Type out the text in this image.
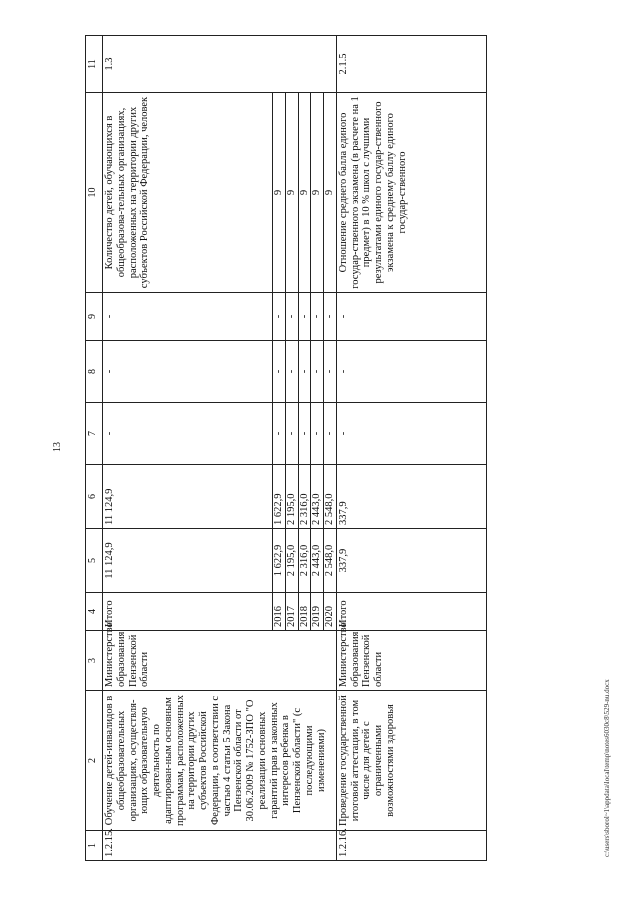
13
1	2	3	4	5	6	7	8	9	10	11
1.2.15.	Обучение детей-инвалидов в общеобразовательных организациях, осуществля-ющих образовательную деятельность по адаптирован-ным основным программам, расположенных на территории других субъектов Российской Федерации, в соответствии с частью 4 статьи 5 Закона Пензенской области от 30.06.2009 № 1752-ЗПО "О реализации основных гарантий прав и законных интересов ребенка в Пензенской области" (с последующими изменениями)	Министерство образования Пензенской области	Итого	11 124,9	11 124,9	-	-	-	Количество детей, обучающихся в общеобразова-тельных организациях, расположенных на территории других субъектов Российской Федерации, человек	1.3
			2016	1 622,9	1 622,9	-	-	-	9	
			2017	2 195,0	2 195,0	-	-	-	9	
			2018	2 316,0	2 316,0	-	-	-	9	
			2019	2 443,0	2 443,0	-	-	-	9	
			2020	2 548,0	2 548,0	-	-	-	9	
1.2.16.	Проведение государственной итоговой аттестации, в том числе для детей с ограниченными возможностями здоровья	Министерство образования Пензенской области	Итого	337,9	337,9	-	-	-	Отношение среднего балла единого государ-ственного экзамена (в расчете на 1 предмет) в 10 % школ с лучшими результатами единого государ-ственного экзамена к среднему баллу единого государ-ственного	2.1.5
c:\users\sborol~1\appdata\local\temp\notes6030c8\529-nu.docx
